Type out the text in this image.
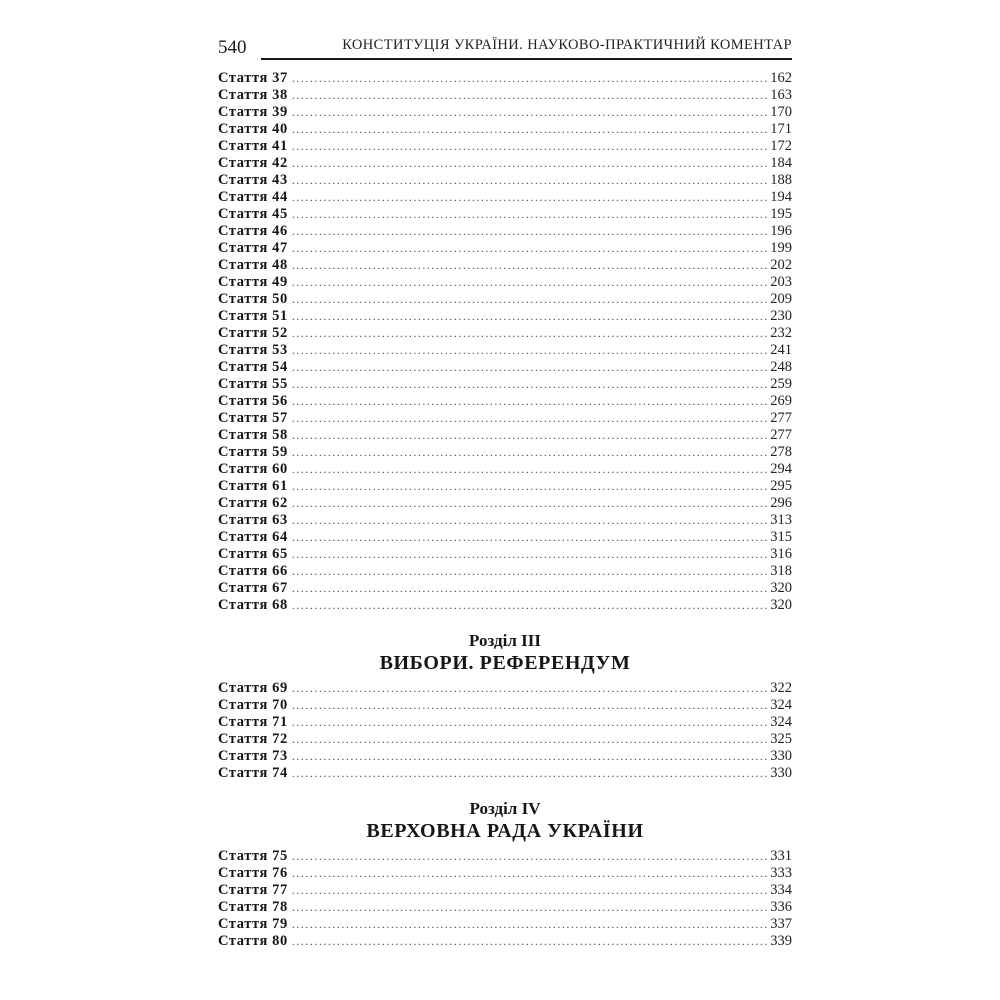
540	КОНСТИТУЦІЯ УКРАЇНИ. НАУКОВО-ПРАКТИЧНИЙ КОМЕНТАР
Стаття 37 .....	162
Стаття 38 .....	163
Стаття 39 .....	170
Стаття 40 .....	171
Стаття 41 .....	172
Стаття 42 .....	184
Стаття 43 .....	188
Стаття 44 .....	194
Стаття 45 .....	195
Стаття 46 .....	196
Стаття 47 .....	199
Стаття 48 .....	202
Стаття 49 .....	203
Стаття 50 .....	209
Стаття 51 .....	230
Стаття 52 .....	232
Стаття 53 .....	241
Стаття 54 .....	248
Стаття 55 .....	259
Стаття 56 .....	269
Стаття 57 .....	277
Стаття 58 .....	277
Стаття 59 .....	278
Стаття 60 .....	294
Стаття 61 .....	295
Стаття 62 .....	296
Стаття 63 .....	313
Стаття 64 .....	315
Стаття 65 .....	316
Стаття 66 .....	318
Стаття 67 .....	320
Стаття 68 .....	320
Розділ III
ВИБОРИ. РЕФЕРЕНДУМ
Стаття 69 .....	322
Стаття 70 .....	324
Стаття 71 .....	324
Стаття 72 .....	325
Стаття 73 .....	330
Стаття 74 .....	330
Розділ IV
ВЕРХОВНА РАДА УКРАЇНИ
Стаття 75 .....	331
Стаття 76 .....	333
Стаття 77 .....	334
Стаття 78 .....	336
Стаття 79 .....	337
Стаття 80 .....	339
